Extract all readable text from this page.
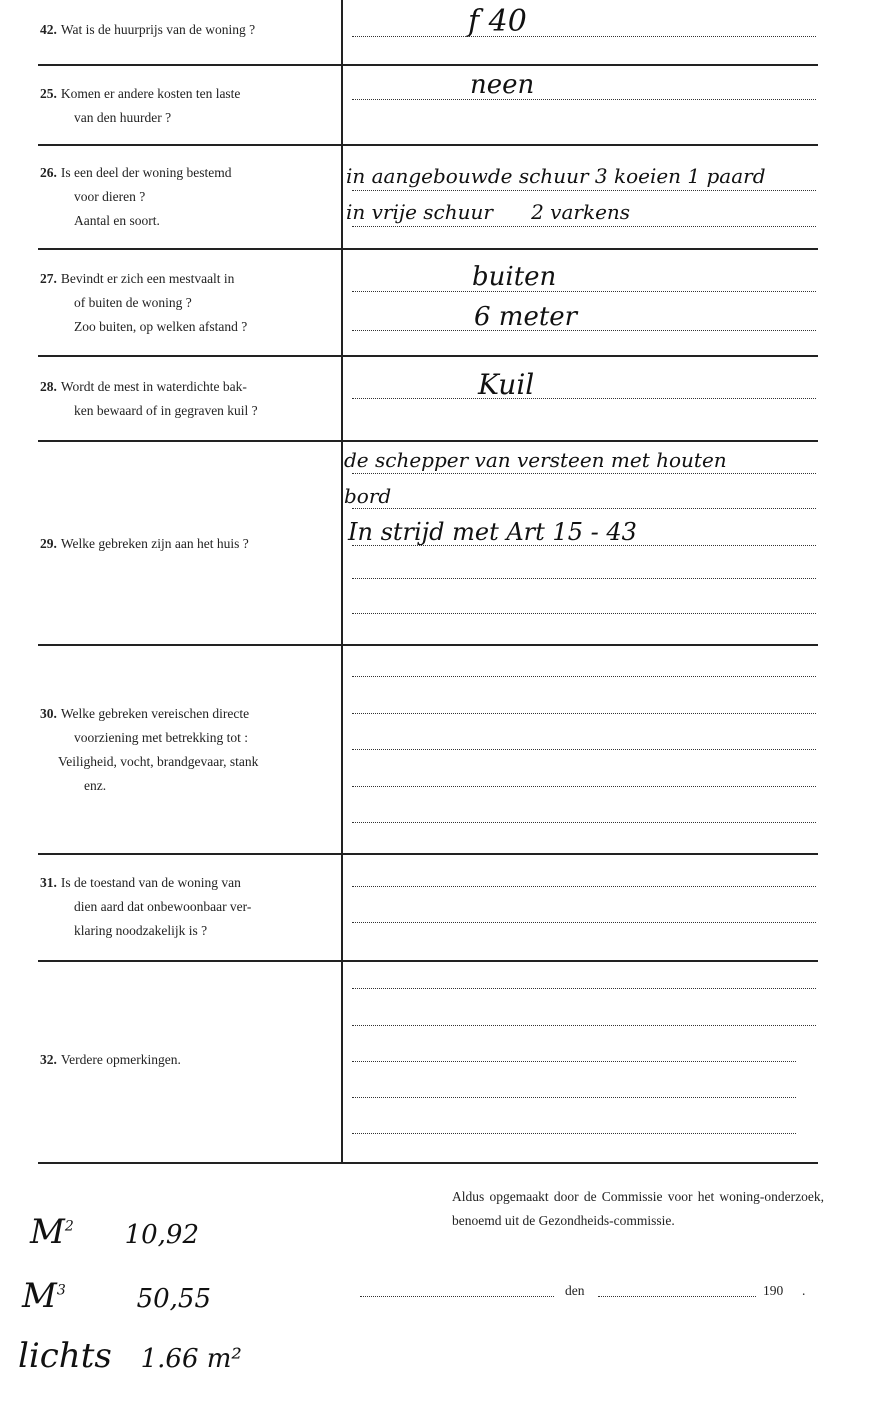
42. Wat is de huurprijs van de woning ?
25. Komen er andere kosten ten laste
van den huurder ?
26. Is een deel der woning bestemd
voor dieren ?
Aantal en soort.
27. Bevindt er zich een mestvaalt in
of buiten de woning ?
Zoo buiten, op welken afstand ?
28. Wordt de mest in waterdichte bak-
ken bewaard of in gegraven kuil ?
29. Welke gebreken zijn aan het huis ?
30. Welke gebreken vereischen directe
voorziening met betrekking tot :
Veiligheid, vocht, brandgevaar, stank
enz.
31. Is de toestand van de woning van
dien aard dat onbewoonbaar ver-
klaring noodzakelijk is ?
32. Verdere opmerkingen.
f 40
neen
in aangebouwde schuur 3 koeien 1 paard
in vrije schuur      2 varkens
buiten
6 meter
Kuil
de schepper van versteen met houten
bord
In strijd met Art 15 - 43
Aldus opgemaakt door de Commissie voor het woning-onderzoek, benoemd uit de Gezondheids-commissie.
den	190 .
$M^2$ 10,92
$M^3$	50,55
lichts 1.66 m²
